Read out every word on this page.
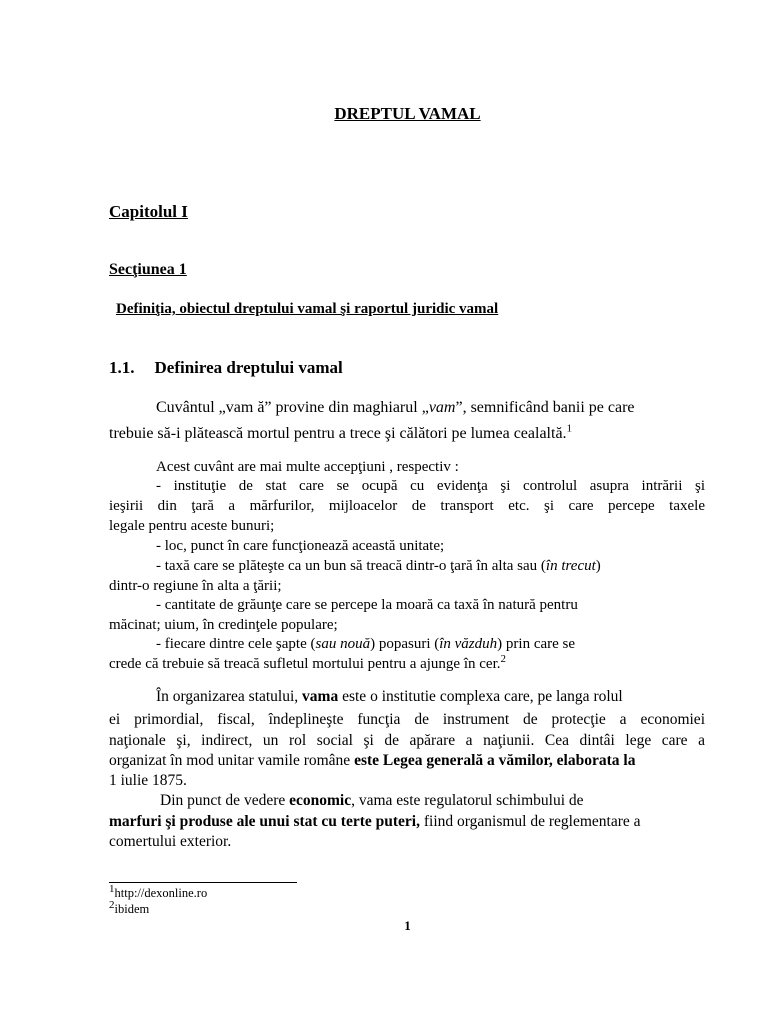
DREPTUL VAMAL
Capitolul I
Secţiunea 1
Definiţia, obiectul dreptului vamal şi raportul juridic vamal
1.1. Definirea dreptului vamal
Cuvântul „vam ă” provine din maghiarul „vam”, semnificând banii pe care
trebuie să-i plătească mortul pentru a trece şi călători pe lumea cealaltă.$^1$
Acest cuvânt are mai multe accepţiuni , respectiv :
- instituţie de stat care se ocupă cu evidenţa şi controlul asupra intrării şi
ieşirii din ţară a mărfurilor, mijloacelor de transport etc. şi care percepe taxele
legale pentru aceste bunuri;
- loc, punct în care funcţionează această unitate;
- taxă care se plăteşte ca un bun să treacă dintr-o ţară în alta sau (în trecut)
dintr-o regiune în alta a ţării;
- cantitate de grăunţe care se percepe la moară ca taxă în natură pentru
măcinat; uium, în credinţele populare;
- fiecare dintre cele şapte (sau nouă) popasuri (în văzduh) prin care se
crede că trebuie să treacă sufletul mortului pentru a ajunge în cer.$^2$
În organizarea statului, vama este o institutie complexa care, pe langa rolul
ei primordial, fiscal, îndeplineşte funcţia de instrument de protecţie a economiei
naţionale şi, indirect, un rol social şi de apărare a naţiunii. Cea dintâi lege care a
organizat în mod unitar vamile române este Legea generală a vămilor, elaborata la
1 iulie 1875.
Din punct de vedere economic, vama este regulatorul schimbului de
marfuri şi produse ale unui stat cu terte puteri, fiind organismul de reglementare a
comertului exterior.
$^1$http://dexonline.ro
$^2$ibidem
1
